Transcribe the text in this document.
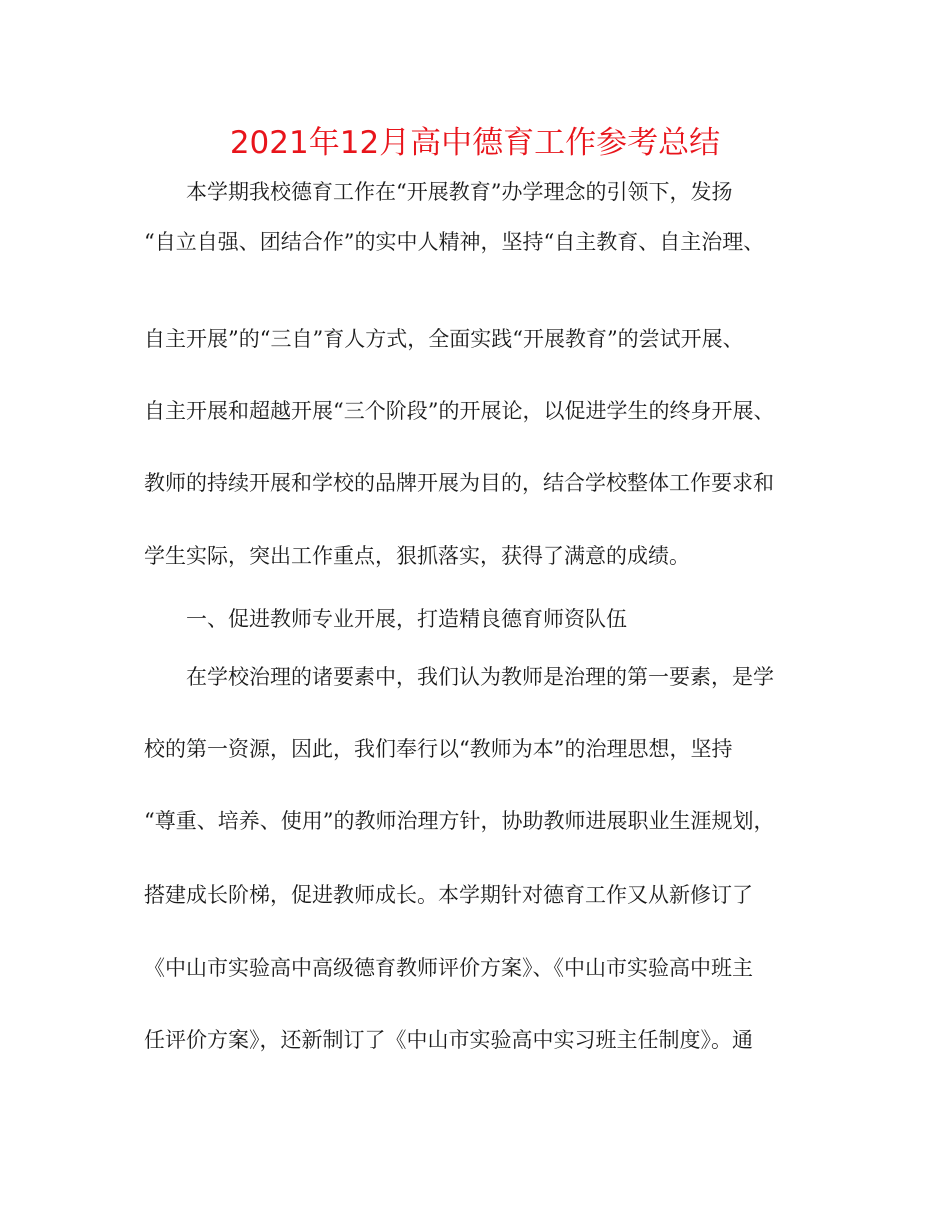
2021年12月高中德育工作参考总结
本学期我校德育工作在“开展教育”办学理念的引领下，发扬
“自立自强、团结合作”的实中人精神，坚持“自主教育、自主治理、
自主开展”的“三自”育人方式，全面实践“开展教育”的尝试开展、
自主开展和超越开展“三个阶段”的开展论，以促进学生的终身开展、
教师的持续开展和学校的品牌开展为目的，结合学校整体工作要求和
学生实际，突出工作重点，狠抓落实，获得了满意的成绩。
一、促进教师专业开展，打造精良德育师资队伍
在学校治理的诸要素中，我们认为教师是治理的第一要素，是学
校的第一资源，因此，我们奉行以“教师为本”的治理思想，坚持
“尊重、培养、使用”的教师治理方针，协助教师进展职业生涯规划，
搭建成长阶梯，促进教师成长。本学期针对德育工作又从新修订了
《中山市实验高中高级德育教师评价方案》、《中山市实验高中班主
任评价方案》，还新制订了《中山市实验高中实习班主任制度》。通
